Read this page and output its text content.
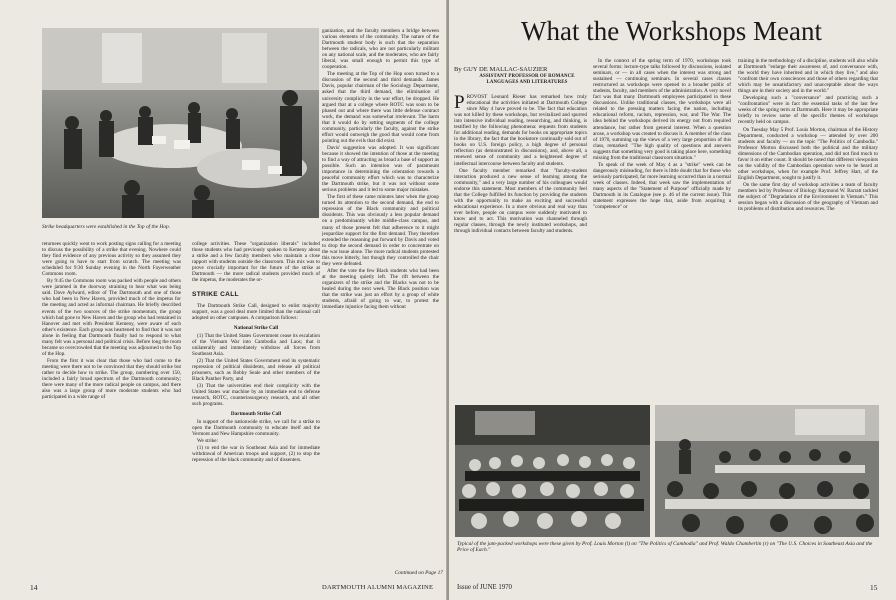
Strike headquarters were established in the Top of the Hop.

returnees quickly went to work posting signs calling for a meeting to discuss the possibility of a strike that evening. Nowhere could they find evidence of any previous activity so they assumed they were going to have to start from scratch. The meeting was scheduled for 9:30 Sunday evening in the North Fayerweather Commons room.

By 9:45 the Commons room was packed with people and others were jammed in the doorway straining to hear what was being said. Dave Aylward, editor of The Dartmouth and one of those who had been in New Haven, provided much of the impetus for the meeting and acted as informal chairman. He briefly described events of the two sources of the strike momentum, the group which had gone to New Haven and the group who had remained in Hanover and met with President Kemeny, were aware of each other's existence. Each group was heartened to find that it was not alone in feeling that Dartmouth finally had to respond to what many felt was a personal and political crisis. Before long the room became so overcrowded that the meeting was adjourned to the Top of the Hop.

From the first it was clear that those who had come to the meeting were there not to be convinced that they should strike but rather to decide how to strike. The group, numbering over 150, included a fairly broad spectrum of the Dartmouth community; there were many of the more radical people on campus, and there also was a large group of more moderate students who had participated in a wide range of

college activities. These "organization liberals" included those students who had previously spoken to Kemeny about a strike and a few faculty members who maintain a close rapport with students outside the classroom. This mix was to prove crucially important for the future of the strike at Dartmouth — the more radical students provided much of the impetus, the moderates the or-

STRIKE CALL

The Dartmouth Strike Call, designed to enlist majority support, was a good deal more limited than the national call adopted on other campuses. A comparison follows:

National Strike Call

(1) That the United States Government cease its escalation of the Vietnam War into Cambodia and Laos; that it unilaterally and immediately withdraw all forces from Southeast Asia.

(2) That the United States Government end its systematic repression of political dissidents, and release all political prisoners, such as Bobby Seale and other members of the Black Panther Party, and

(3) That the universities end their complicity with the United States war machine by an immediate end to defense research, ROTC, counterinsurgency research, and all other such programs.

Dartmouth Strike Call

In support of the nationwide strike, we call for a strike to open the Dartmouth community to educate itself and the Vermont and New Hampshire community.

We strike:

(1) to end the war in Southeast Asia and for immediate withdrawal of American troops and support, (2) to stop the repression of the black community and of dissenters.

ganization, and the faculty members a bridge between various elements of the community. The nature of the Dartmouth student body is such that the separation between the radicals, who are not particularly militant on any national scale, and the moderates, who are fairly liberal, was small enough to permit this type of cooperation.

The meeting at the Top of the Hop soon turned to a discussion of the second and third demands. James Davis, popular chairman of the Sociology Department, asked that the third demand, the elimination of university complicity in the war effort, be dropped. He argued that at a college where ROTC was soon to be phased out and where there was little defense contract work, the demand was somewhat irrelevant. The harm that it would do by setting segments of the college community, particularly the faculty, against the strike effort would outweigh the good that would come from pointing out the evils that did exist.

Davis' suggestion was adopted. It was significant because it showed the intention of those at the meeting to find a way of attracting as broad a base of support as possible. Such an intention was of paramount importance in determining the orientation towards a peaceful community effort which was to characterize the Dartmouth strike, but it was not without some serious problems and it led to some major mistakes.

The first of these came minutes later when the group turned its attention to the second demand, the end to repression of the Black community and political dissidents. This was obviously a less popular demand on a predominantly white middle-class campus, and many of those present felt that adherence to it might jeopardize support for the first demand. They therefore extended the reasoning put forward by Davis and voted to drop the second demand in order to concentrate on the war issue alone. The more radical students protested this move bitterly, but though they controlled the chair they were defeated.

After the vote the few Black students who had been at the meeting quietly left. The rift between the organizers of the strike and the Blacks was not to be healed during the next week. The Black position was that the strike was just an effort by a group of white students, afraid of going to war, to protest the immediate injustice facing them without

Continued on Page 17
14	DARTMOUTH ALUMNI MAGAZINE
What the Workshops Meant
By GUY DE MALLAC-SAUZIER
ASSISTANT PROFESSOR OF ROMANCE
LANGUAGES AND LITERATURES

P ROVOST Leonard Rieser has remarked how truly educational the activities initiated at Dartmouth College since May 4 have proved to be. The fact that education was not killed by these workshops, but revitalized and spurred into intensive individual reading, researching, and thinking, is testified by the following phenomena: requests from students for additional reading, demands for books on appropriate topics in the library, the fact that the bookstore continually sold out of books on U.S. foreign policy, a high degree of personal reflection (as demonstrated in discussions), and, above all, a renewed sense of community and a heightened degree of intellectual intercourse between faculty and students.

One faculty member remarked that "faculty-student interaction produced a new sense of learning among the community," and a very large number of his colleagues would endorse this statement. Most members of the community feel that the College fulfilled its function by providing the students with the opportunity to make an exciting and successful educational experience. In a more obvious and real way than ever before, people on campus were suddenly motivated to know and to act. This motivation was channeled through regular classes, through the newly instituted workshops, and through individual contacts between faculty and students.

In the context of the spring term of 1970, workshops took several forms: lecture-type talks followed by discussions, isolated seminars, or — in all cases when the interest was strong and sustained — continuing seminars. In several cases classes restructured as workshops were opened to a broader public of students, faculty, and members of the administration. A very novel fact was that many Dartmouth employees participated in these discussions. Unlike traditional classes, the workshops were all related to the pressing matters facing the nation, including educational reform, racism, repression, war, and The War. The idea behind the workshops derived its energy not from required attendance, but rather from general interest. When a question arose, a workshop was created to discuss it. A member of the class of 1970, summing up the views of a very large proportion of this class, remarked: "The high quality of questions and answers suggests that something very good is taking place here, something missing from the traditional classroom situation."

To speak of the week of May 4 as a "strike" week can be dangerously misleading, for there is little doubt that for those who seriously participated, far more learning occurred than in a normal week of classes. Indeed, that week saw the implementation of many aspects of the "Statement of Purpose" officially made by Dartmouth in its Catalogue (see p. 46 of the current issue). This statement expresses the hope that, aside from acquiring a "competence" or

training in the methodology of a discipline, students will also while at Dartmouth "enlarge their awareness of, and conversance with, the world they have inherited and in which they live," and also "confront their own consciences and those of others regarding that which may be unsatisfactory and unacceptable about the ways things are in their society and in the world."

Developing such a "conversance" and practicing such a "confrontation" were in fact the essential tasks of the last few weeks of the spring term at Dartmouth. Here it may be appropriate briefly to review some of the specific themes of workshops recently held on campus.

On Tuesday May 5 Prof. Louis Morton, chairman of the History Department, conducted a workshop — attended by over 200 students and faculty — on the topic "The Politics of Cambodia." Professor Morton discussed both the political and the military dimensions of the Cambodian operation, and did not find much to favor it on either count. It should be noted that different viewpoints on the validity of the Cambodian operation were to be heard at other workshops, when for example Prof. Jeffrey Hart, of the English Department, sought to justify it.

On the same first day of workshop activities a team of faculty members led by Professor of Biology Raymond W. Barratt tackled the subject of "Degradation of the Environment in Vietnam." This session began with a discussion of the geography of Vietnam and its problems of distribution and resources. The

Typical of the jam-packed workshops were these given by Prof. Louis Morton (l) on "The Politics of Cambodia" and Prof. Waldo Chamberlin (r) on "The U.S. Choices in Southeast Asia and the Price of Each."
Issue of JUNE 1970	15
